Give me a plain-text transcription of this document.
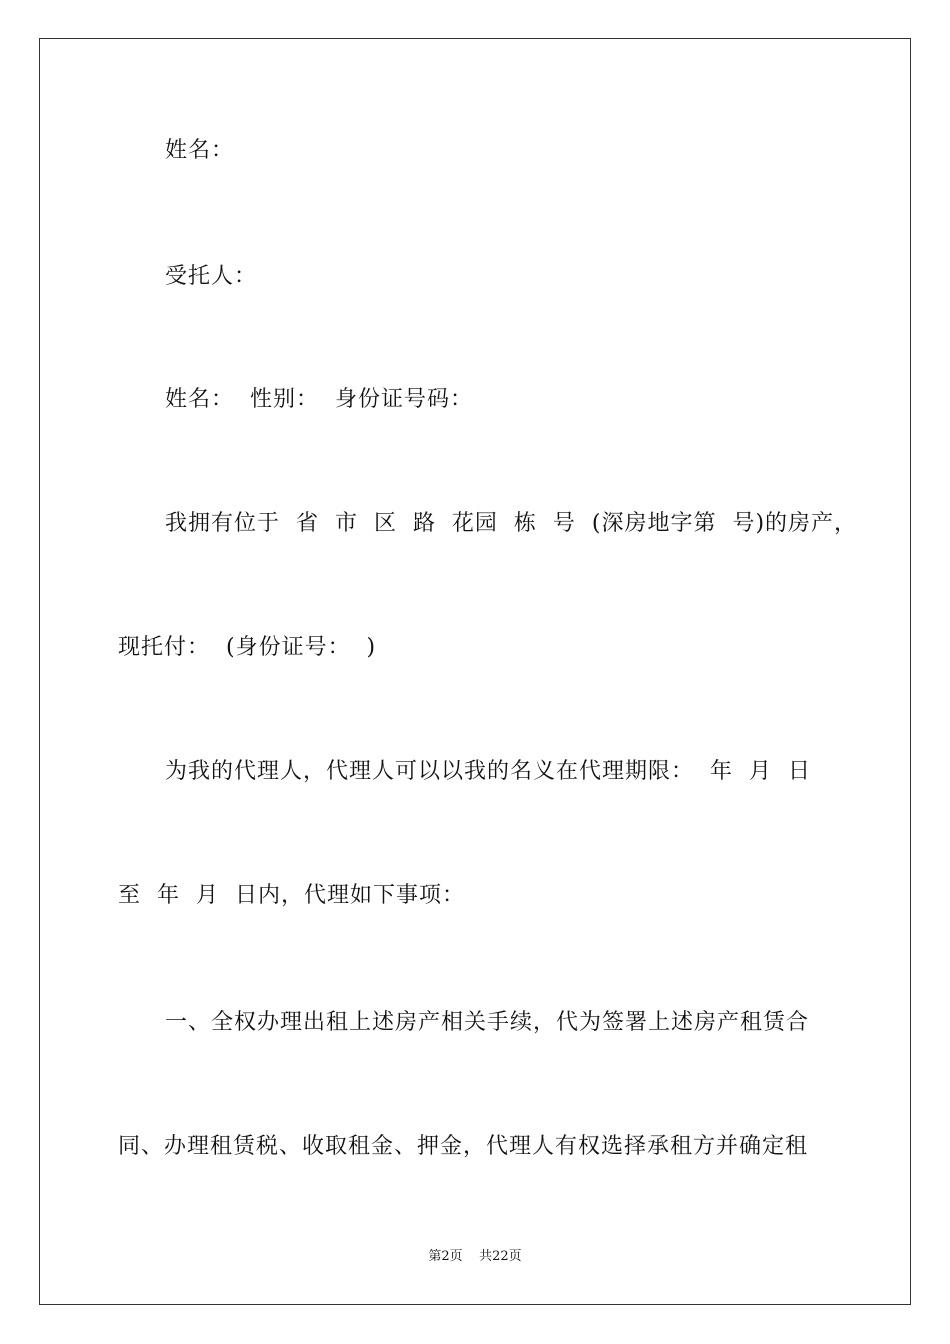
姓名：
受托人：
姓名：  性别：  身份证号码：
我拥有位于  省  市  区  路  花园  栋  号  (深房地字第  号)的房产，
现托付：  (身份证号：  )
为我的代理人，代理人可以以我的名义在代理期限：  年  月  日
至  年  月  日内，代理如下事项：
一、全权办理出租上述房产相关手续，代为签署上述房产租赁合
同、办理租赁税、收取租金、押金，代理人有权选择承租方并确定租
第2页    共22页
